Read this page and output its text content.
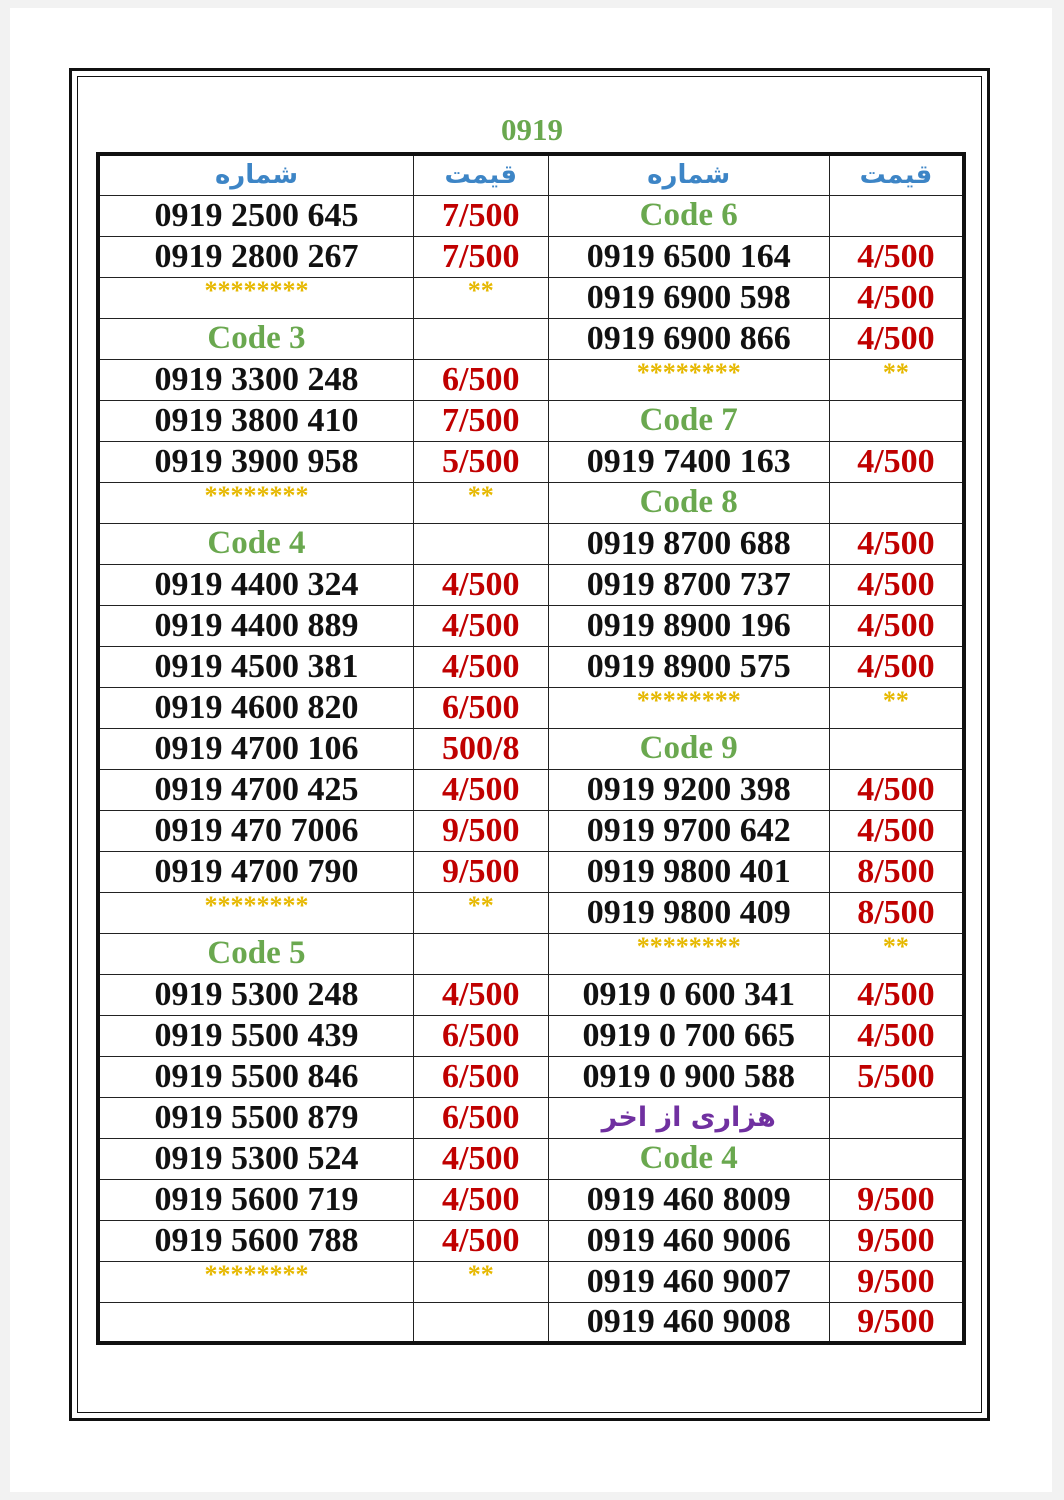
0919
شماره	قیمت	شماره	قیمت
0919 2500 645	7/500	Code 6	
0919 2800 267	7/500	0919 6500 164	4/500
********	**	0919 6900 598	4/500
Code 3		0919 6900 866	4/500
0919 3300 248	6/500	********	**
0919 3800 410	7/500	Code 7	
0919 3900 958	5/500	0919 7400 163	4/500
********	**	Code 8	
Code 4		0919 8700 688	4/500
0919 4400 324	4/500	0919 8700 737	4/500
0919 4400 889	4/500	0919 8900 196	4/500
0919 4500 381	4/500	0919 8900 575	4/500
0919 4600 820	6/500	********	**
0919 4700 106	500/8	Code 9	
0919 4700 425	4/500	0919 9200 398	4/500
0919 470 7006	9/500	0919 9700 642	4/500
0919 4700 790	9/500	0919 9800 401	8/500
********	**	0919 9800 409	8/500
Code 5		********	**
0919 5300 248	4/500	0919 0 600 341	4/500
0919 5500 439	6/500	0919 0 700 665	4/500
0919 5500 846	6/500	0919 0 900 588	5/500
0919 5500 879	6/500	هزاری از اخر	
0919 5300 524	4/500	Code 4	
0919 5600 719	4/500	0919 460 8009	9/500
0919 5600 788	4/500	0919 460 9006	9/500
********	**	0919 460 9007	9/500
		0919 460 9008	9/500
